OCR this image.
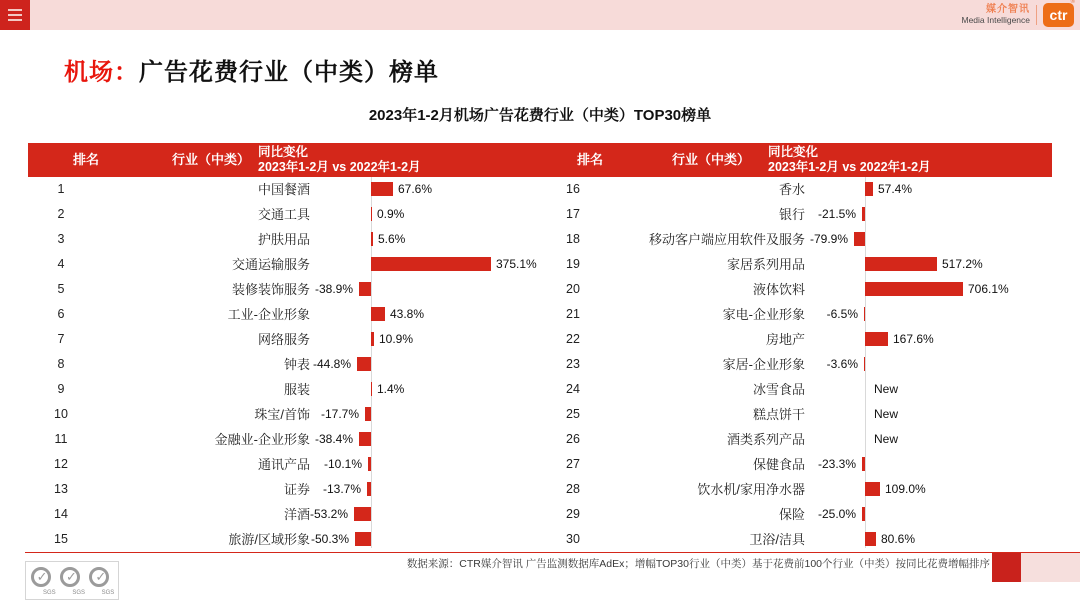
媒介智讯
Media Intelligence ctr
®
机场：广告花费行业（中类）榜单
2023年1-2月机场广告花费行业（中类）TOP30榜单
排名	行业（中类） 同比变化

2023年1-2月 vs 2022年1-2月	排名	行业（中类）	同比变化

2023年1-2月 vs 2022年1-2月
1	中国餐酒	67.6%
2	交通工具	0.9%
3	护肤用品	5.6%
4	交通运输服务	375.1%
5	装修装饰服务 -38.9%
6	工业-企业形象	43.8%
7	网络服务	10.9%
8	钟表 -44.8%
9	服装	1.4%
10	珠宝/首饰 -17.7%
11	金融业-企业形象 -38.4%
12	通讯产品 -10.1%
13	证券 -13.7%
14	洋酒 -53.2%
15	旅游/区域形象 -50.3%
16	香水	57.4%
17	银行 -21.5%
18	移动客户端应用软件及服务 -79.9%
19	家居系列用品	517.2%
20	液体饮料	706.1%
21	家电-企业形象 -6.5%
22	房地产	167.6%
23	家居-企业形象 -3.6%
24	冰雪食品	New
25	糕点饼干	New
26	酒类系列产品	New
27	保健食品 -23.3%
28	饮水机/家用净水器	109.0%
29	保险 -25.0%
30	卫浴/洁具	80.6%
✓
SGS
✓
SGS
✓
SGS
数据来源：CTR媒介智讯 广告监测数据库AdEx；增幅TOP30行业（中类）基于花费前100个行业（中类）按同比花费增幅排序
